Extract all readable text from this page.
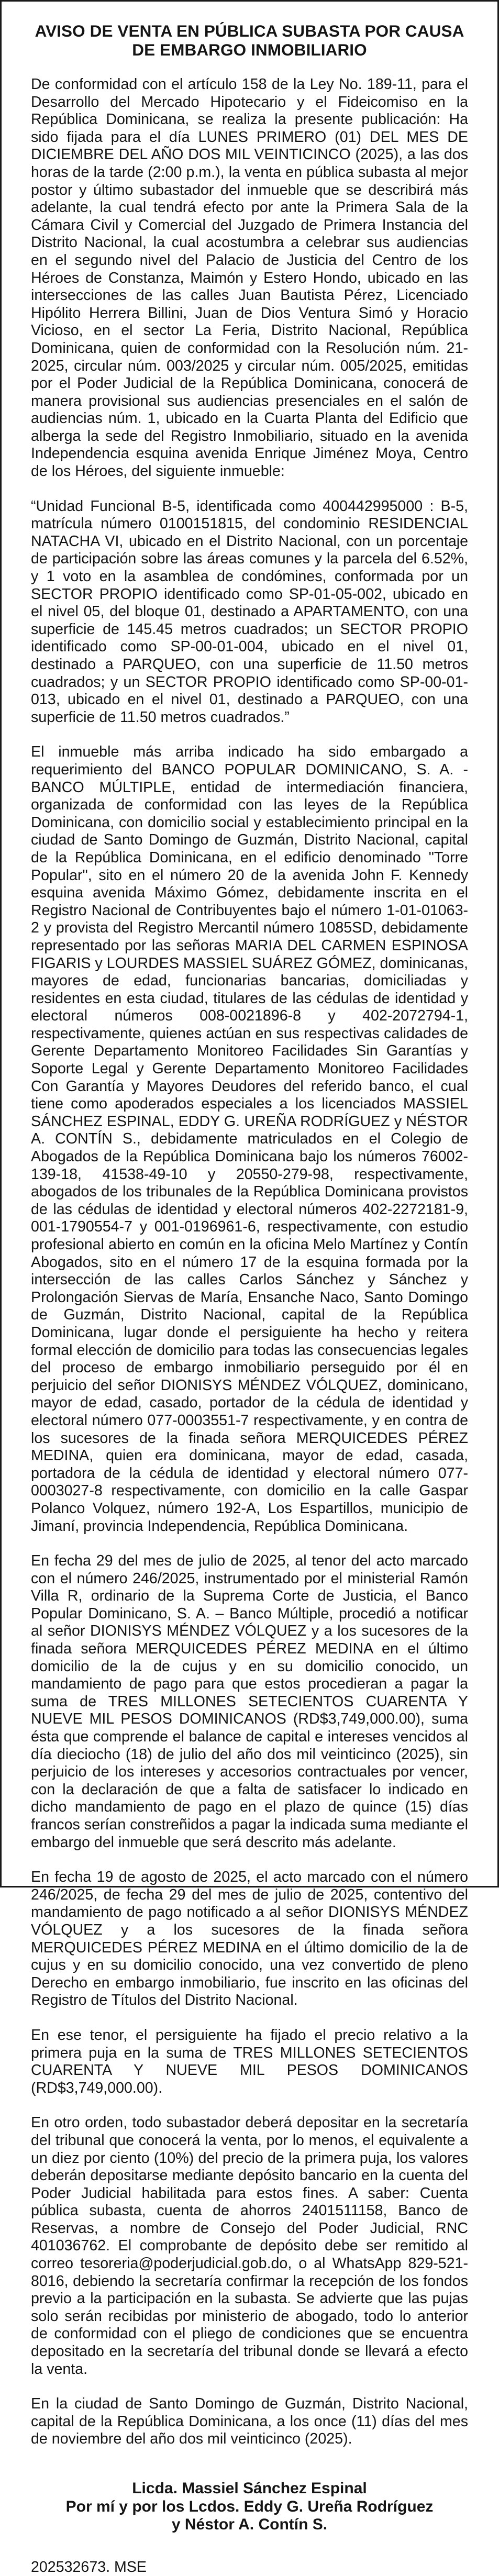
AVISO DE VENTA EN PÚBLICA SUBASTA POR CAUSA
DE EMBARGO INMOBILIARIO
De conformidad con el artículo 158 de la Ley No. 189-11, para el Desarrollo del Mercado Hipotecario y el Fideicomiso en la República Dominicana, se realiza la presente publicación: Ha sido fijada para el día LUNES PRIMERO (01) DEL MES DE DICIEMBRE DEL AÑO DOS MIL VEINTICINCO (2025), a las dos horas de la tarde (2:00 p.m.), la venta en pública subasta al mejor postor y último subastador del inmueble que se describirá más adelante, la cual tendrá efecto por ante la Primera Sala de la Cámara Civil y Comercial del Juzgado de Primera Instancia del Distrito Nacional, la cual acostumbra a celebrar sus audiencias en el segundo nivel del Palacio de Justicia del Centro de los Héroes de Constanza, Maimón y Estero Hondo, ubicado en las intersecciones de las calles Juan Bautista Pérez, Licenciado Hipólito Herrera Billini, Juan de Dios Ventura Simó y Horacio Vicioso, en el sector La Feria, Distrito Nacional, República Dominicana, quien de conformidad con la Resolución núm. 21-2025, circular núm. 003/2025 y circular núm. 005/2025, emitidas por el Poder Judicial de la República Dominicana, conocerá de manera provisional sus audiencias presenciales en el salón de audiencias núm. 1, ubicado en la Cuarta Planta del Edificio que alberga la sede del Registro Inmobiliario, situado en la avenida Independencia esquina avenida Enrique Jiménez Moya, Centro de los Héroes, del siguiente inmueble:
“Unidad Funcional B-5, identificada como 400442995000 : B-5, matrícula número 0100151815, del condominio RESIDENCIAL NATACHA VI, ubicado en el Distrito Nacional, con un porcentaje de participación sobre las áreas comunes y la parcela del 6.52%, y 1 voto en la asamblea de condómines, conformada por un SECTOR PROPIO identificado como SP-01-05-002, ubicado en el nivel 05, del bloque 01, destinado a APARTAMENTO, con una superficie de 145.45 metros cuadrados; un SECTOR PROPIO identificado como SP-00-01-004, ubicado en el nivel 01, destinado a PARQUEO, con una superficie de 11.50 metros cuadrados; y un SECTOR PROPIO identificado como SP-00-01-013, ubicado en el nivel 01, destinado a PARQUEO, con una superficie de 11.50 metros cuadrados.”
El inmueble más arriba indicado ha sido embargado a requerimiento del BANCO POPULAR DOMINICANO, S. A. - BANCO MÚLTIPLE, entidad de intermediación financiera, organizada de conformidad con las leyes de la República Dominicana, con domicilio social y establecimiento principal en la ciudad de Santo Domingo de Guzmán, Distrito Nacional, capital de la República Dominicana, en el edificio denominado "Torre Popular", sito en el número 20 de la avenida John F. Kennedy esquina avenida Máximo Gómez, debidamente inscrita en el Registro Nacional de Contribuyentes bajo el número 1-01-01063-2 y provista del Registro Mercantil número 1085SD, debidamente representado por las señoras MARIA DEL CARMEN ESPINOSA FIGARIS y LOURDES MASSIEL SUÁREZ GÓMEZ, dominicanas, mayores de edad, funcionarias bancarias, domiciliadas y residentes en esta ciudad, titulares de las cédulas de identidad y electoral números 008-0021896-8 y 402-2072794-1, respectivamente, quienes actúan en sus respectivas calidades de Gerente Departamento Monitoreo Facilidades Sin Garantías y Soporte Legal y Gerente Departamento Monitoreo Facilidades Con Garantía y Mayores Deudores del referido banco, el cual tiene como apoderados especiales a los licenciados MASSIEL SÁNCHEZ ESPINAL, EDDY G. UREÑA RODRÍGUEZ y NÉSTOR A. CONTÍN S., debidamente matriculados en el Colegio de Abogados de la República Dominicana bajo los números 76002-139-18, 41538-49-10 y 20550-279-98, respectivamente, abogados de los tribunales de la República Dominicana provistos de las cédulas de identidad y electoral números 402-2272181-9, 001-1790554-7 y 001-0196961-6, respectivamente, con estudio profesional abierto en común en la oficina Melo Martínez y Contín Abogados, sito en el número 17 de la esquina formada por la intersección de las calles Carlos Sánchez y Sánchez y Prolongación Siervas de María, Ensanche Naco, Santo Domingo de Guzmán, Distrito Nacional, capital de la República Dominicana, lugar donde el persiguiente ha hecho y reitera formal elección de domicilio para todas las consecuencias legales del proceso de embargo inmobiliario perseguido por él en perjuicio del señor DIONISYS MÉNDEZ VÓLQUEZ, dominicano, mayor de edad, casado, portador de la cédula de identidad y electoral número 077-0003551-7 respectivamente, y en contra de los sucesores de la finada señora MERQUICEDES PÉREZ MEDINA, quien era dominicana, mayor de edad, casada, portadora de la cédula de identidad y electoral número 077-0003027-8 respectivamente, con domicilio en la calle Gaspar Polanco Volquez, número 192-A, Los Espartillos, municipio de Jimaní, provincia Independencia, República Dominicana.
En fecha 29 del mes de julio de 2025, al tenor del acto marcado con el número 246/2025, instrumentado por el ministerial Ramón Villa R, ordinario de la Suprema Corte de Justicia, el Banco Popular Dominicano, S. A. – Banco Múltiple, procedió a notificar al señor DIONISYS MÉNDEZ VÓLQUEZ y a los sucesores de la finada señora MERQUICEDES PÉREZ MEDINA en el último domicilio de la de cujus y en su domicilio conocido, un mandamiento de pago para que estos procedieran a pagar la suma de TRES MILLONES SETECIENTOS CUARENTA Y NUEVE MIL PESOS DOMINICANOS (RD$3,749,000.00), suma ésta que comprende el balance de capital e intereses vencidos al día dieciocho (18) de julio del año dos mil veinticinco (2025), sin perjuicio de los intereses y accesorios contractuales por vencer, con la declaración de que a falta de satisfacer lo indicado en dicho mandamiento de pago en el plazo de quince (15) días francos serían constreñidos a pagar la indicada suma mediante el embargo del inmueble que será descrito más adelante.
En fecha 19 de agosto de 2025, el acto marcado con el número 246/2025, de fecha 29 del mes de julio de 2025, contentivo del mandamiento de pago notificado a al señor DIONISYS MÉNDEZ VÓLQUEZ y a los sucesores de la finada señora MERQUICEDES PÉREZ MEDINA en el último domicilio de la de cujus y en su domicilio conocido, una vez convertido de pleno Derecho en embargo inmobiliario, fue inscrito en las oficinas del Registro de Títulos del Distrito Nacional.
En ese tenor, el persiguiente ha fijado el precio relativo a la primera puja en la suma de TRES MILLONES SETECIENTOS CUARENTA Y NUEVE MIL PESOS DOMINICANOS (RD$3,749,000.00).
En otro orden, todo subastador deberá depositar en la secretaría del tribunal que conocerá la venta, por lo menos, el equivalente a un diez por ciento (10%) del precio de la primera puja, los valores deberán depositarse mediante depósito bancario en la cuenta del Poder Judicial habilitada para estos fines. A saber: Cuenta pública subasta, cuenta de ahorros 2401511158, Banco de Reservas, a nombre de Consejo del Poder Judicial, RNC 401036762. El comprobante de depósito debe ser remitido al correo tesoreria@poderjudicial.gob.do, o al WhatsApp 829-521-8016, debiendo la secretaría confirmar la recepción de los fondos previo a la participación en la subasta. Se advierte que las pujas solo serán recibidas por ministerio de abogado, todo lo anterior de conformidad con el pliego de condiciones que se encuentra depositado en la secretaría del tribunal donde se llevará a efecto la venta.
En la ciudad de Santo Domingo de Guzmán, Distrito Nacional, capital de la República Dominicana, a los once (11) días del mes de noviembre del año dos mil veinticinco (2025).
Licda. Massiel Sánchez Espinal
Por mí y por los Lcdos. Eddy G. Ureña Rodríguez
y Néstor A. Contín S.
202532673. MSE
